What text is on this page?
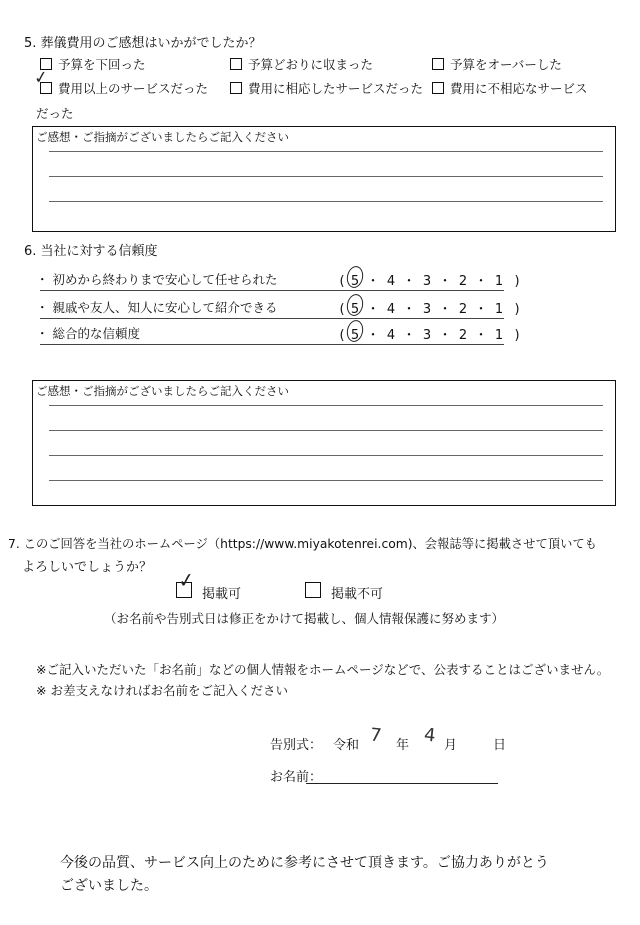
5. 葬儀費用のご感想はいかがでしたか？
予算を下回った	予算どおりに収まった	予算をオーバーした
✓ 費用以上のサービスだった	費用に相応したサービスだった 費用に不相応なサービス
だった
ご感想・ご指摘がございましたらご記入ください
6. 当社に対する信頼度
・ 初めから終わりまで安心して任せられた	( 5 ・ 4 ・ 3 ・ 2 ・ 1 )
・ 親戚や友人、知人に安心して紹介できる	( 5 ・ 4 ・ 3 ・ 2 ・ 1 )
・ 総合的な信頼度	( 5 ・ 4 ・ 3 ・ 2 ・ 1 )
ご感想・ご指摘がございましたらご記入ください
7. このご回答を当社のホームページ（https://www.miyakotenrei.com)、会報誌等に掲載させて頂いても
よろしいでしょうか？ ✓
掲載可	掲載不可
（お名前や告別式日は修正をかけて掲載し、個人情報保護に努めます）
※ご記入いただいた「お名前」などの個人情報をホームページなどで、公表することはございません。
※ お差支えなければお名前をご記入ください
告別式： 令和 7 年 4 月	日
お名前：
今後の品質、サービス向上のために参考にさせて頂きます。ご協力ありがとう
ございました。
